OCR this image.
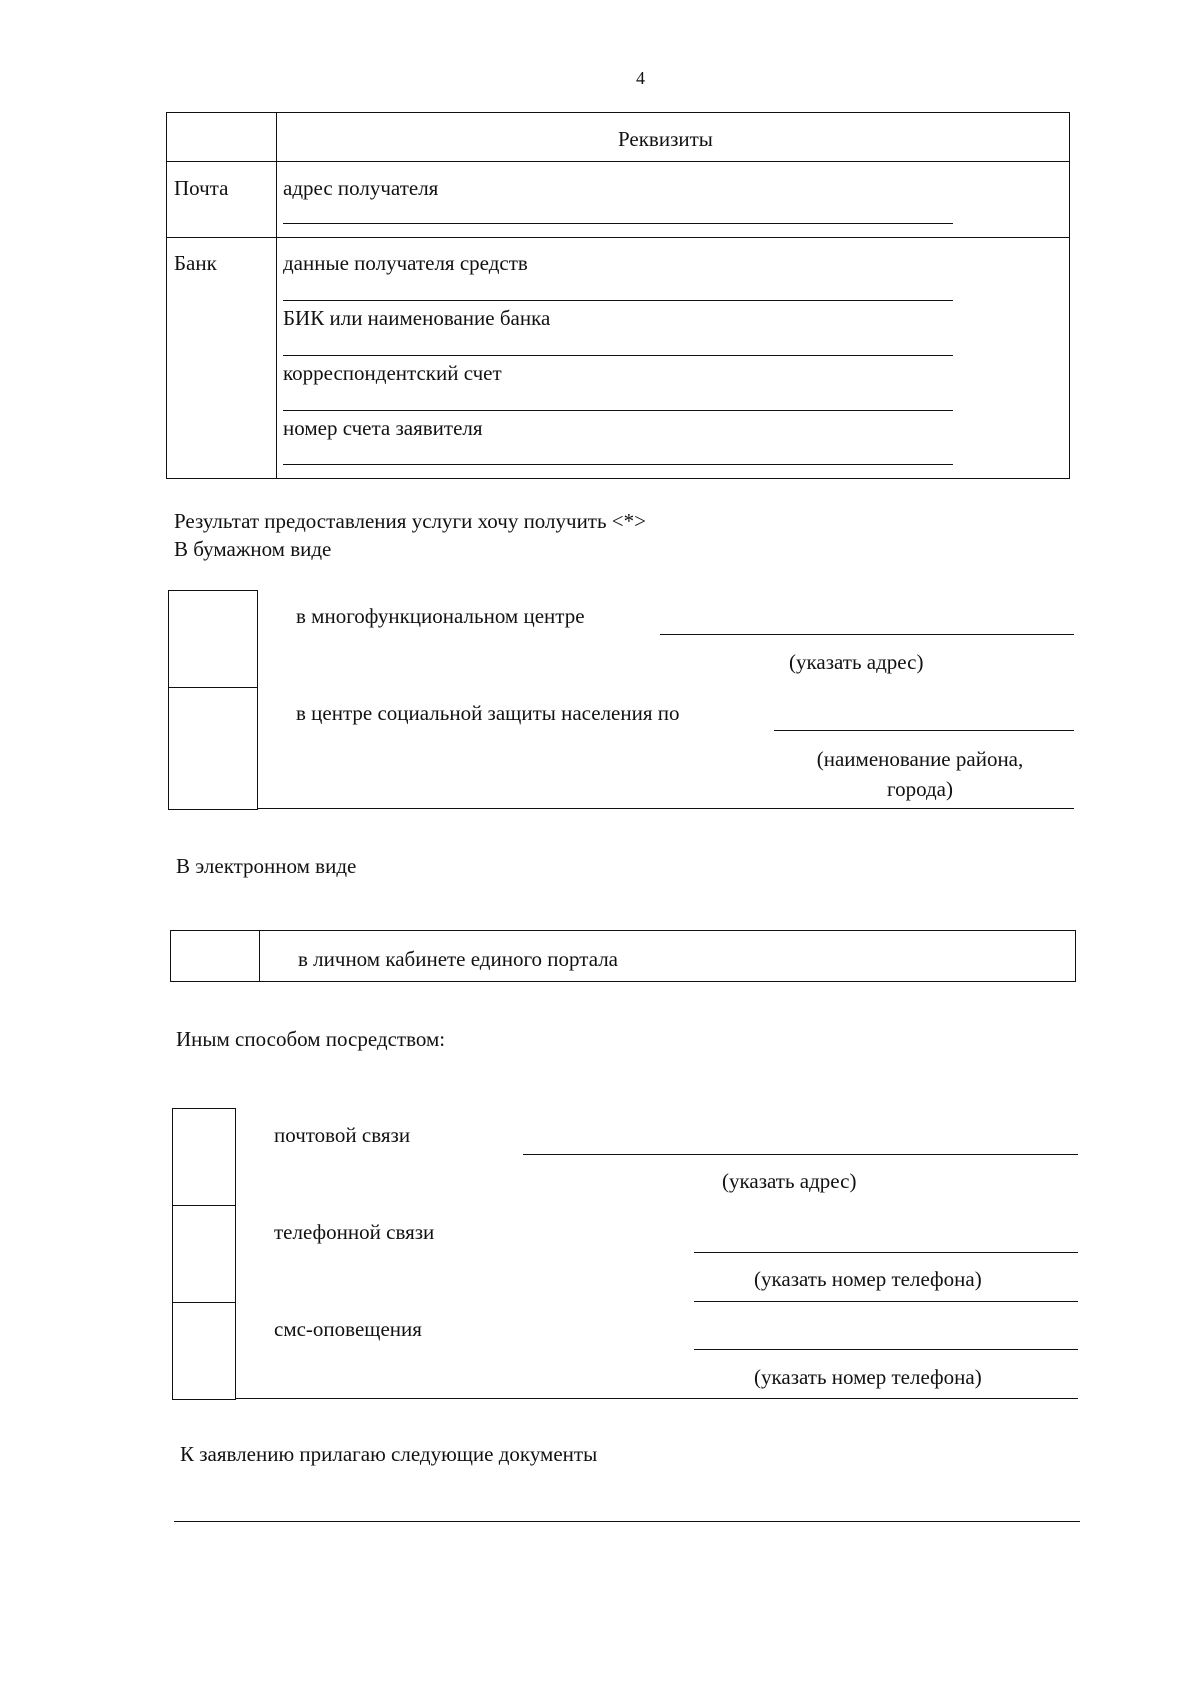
4
Реквизиты
Почта	адрес получателя
Банк	данные получателя средств
БИК или наименование банка
корреспондентский счет
номер счета заявителя
Результат предоставления услуги хочу получить <*>
В бумажном виде
в многофункциональном центре
(указать адрес)
в центре социальной защиты населения по
(наименование района,
города)
В электронном виде
в личном кабинете единого портала
Иным способом посредством:
почтовой связи
(указать адрес)
телефонной связи
(указать номер телефона)
смс-оповещения
(указать номер телефона)
К заявлению прилагаю следующие документы
